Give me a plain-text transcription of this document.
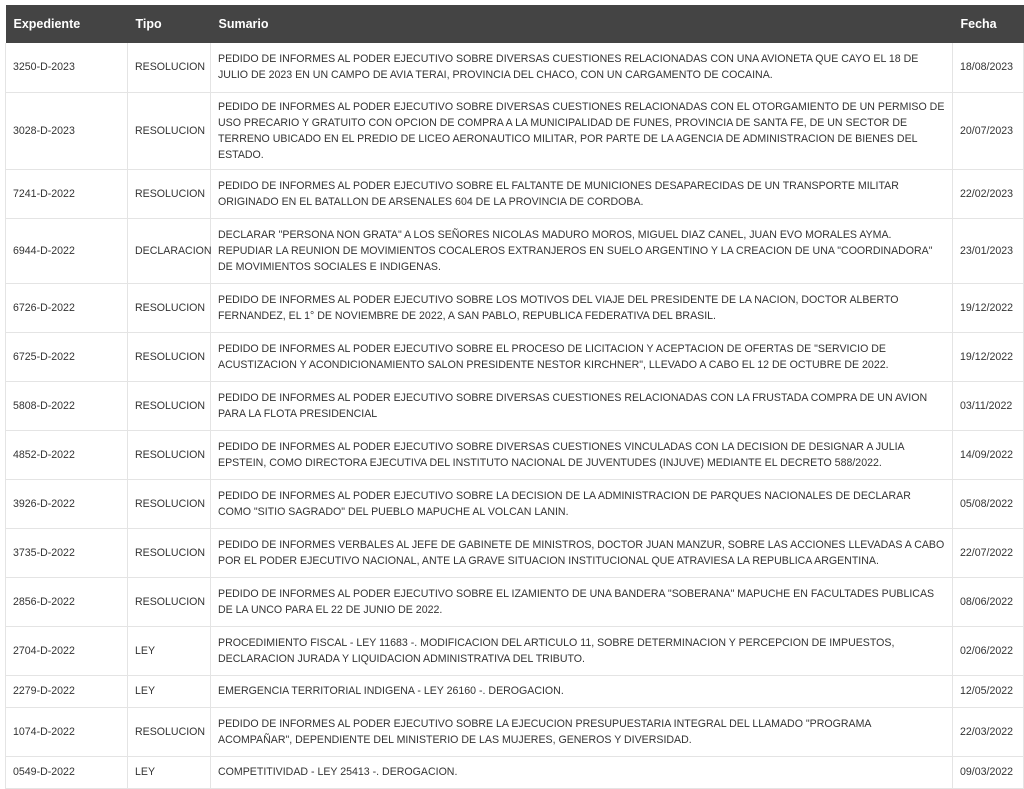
Expediente	Tipo	Sumario	Fecha
3250-D-2023	RESOLUCION	PEDIDO DE INFORMES AL PODER EJECUTIVO SOBRE DIVERSAS CUESTIONES RELACIONADAS CON UNA AVIONETA QUE CAYO EL 18 DE JULIO DE 2023 EN UN CAMPO DE AVIA TERAI, PROVINCIA DEL CHACO, CON UN CARGAMENTO DE COCAINA.	18/08/2023
3028-D-2023	RESOLUCION	PEDIDO DE INFORMES AL PODER EJECUTIVO SOBRE DIVERSAS CUESTIONES RELACIONADAS CON EL OTORGAMIENTO DE UN PERMISO DE USO PRECARIO Y GRATUITO CON OPCION DE COMPRA A LA MUNICIPALIDAD DE FUNES, PROVINCIA DE SANTA FE, DE UN SECTOR DE TERRENO UBICADO EN EL PREDIO DE LICEO AERONAUTICO MILITAR, POR PARTE DE LA AGENCIA DE ADMINISTRACION DE BIENES DEL ESTADO.	20/07/2023
7241-D-2022	RESOLUCION	PEDIDO DE INFORMES AL PODER EJECUTIVO SOBRE EL FALTANTE DE MUNICIONES DESAPARECIDAS DE UN TRANSPORTE MILITAR ORIGINADO EN EL BATALLON DE ARSENALES 604 DE LA PROVINCIA DE CORDOBA.	22/02/2023
6944-D-2022	DECLARACION	DECLARAR "PERSONA NON GRATA" A LOS SEÑORES NICOLAS MADURO MOROS, MIGUEL DIAZ CANEL, JUAN EVO MORALES AYMA. REPUDIAR LA REUNION DE MOVIMIENTOS COCALEROS EXTRANJEROS EN SUELO ARGENTINO Y LA CREACION DE UNA "COORDINADORA" DE MOVIMIENTOS SOCIALES E INDIGENAS.	23/01/2023
6726-D-2022	RESOLUCION	PEDIDO DE INFORMES AL PODER EJECUTIVO SOBRE LOS MOTIVOS DEL VIAJE DEL PRESIDENTE DE LA NACION, DOCTOR ALBERTO FERNANDEZ, EL 1° DE NOVIEMBRE DE 2022, A SAN PABLO, REPUBLICA FEDERATIVA DEL BRASIL.	19/12/2022
6725-D-2022	RESOLUCION	PEDIDO DE INFORMES AL PODER EJECUTIVO SOBRE EL PROCESO DE LICITACION Y ACEPTACION DE OFERTAS DE "SERVICIO DE ACUSTIZACION Y ACONDICIONAMIENTO SALON PRESIDENTE NESTOR KIRCHNER", LLEVADO A CABO EL 12 DE OCTUBRE DE 2022.	19/12/2022
5808-D-2022	RESOLUCION	PEDIDO DE INFORMES AL PODER EJECUTIVO SOBRE DIVERSAS CUESTIONES RELACIONADAS CON LA FRUSTADA COMPRA DE UN AVION PARA LA FLOTA PRESIDENCIAL	03/11/2022
4852-D-2022	RESOLUCION	PEDIDO DE INFORMES AL PODER EJECUTIVO SOBRE DIVERSAS CUESTIONES VINCULADAS CON LA DECISION DE DESIGNAR A JULIA EPSTEIN, COMO DIRECTORA EJECUTIVA DEL INSTITUTO NACIONAL DE JUVENTUDES (INJUVE) MEDIANTE EL DECRETO 588/2022.	14/09/2022
3926-D-2022	RESOLUCION	PEDIDO DE INFORMES AL PODER EJECUTIVO SOBRE LA DECISION DE LA ADMINISTRACION DE PARQUES NACIONALES DE DECLARAR COMO "SITIO SAGRADO" DEL PUEBLO MAPUCHE AL VOLCAN LANIN.	05/08/2022
3735-D-2022	RESOLUCION	PEDIDO DE INFORMES VERBALES AL JEFE DE GABINETE DE MINISTROS, DOCTOR JUAN MANZUR, SOBRE LAS ACCIONES LLEVADAS A CABO POR EL PODER EJECUTIVO NACIONAL, ANTE LA GRAVE SITUACION INSTITUCIONAL QUE ATRAVIESA LA REPUBLICA ARGENTINA.	22/07/2022
2856-D-2022	RESOLUCION	PEDIDO DE INFORMES AL PODER EJECUTIVO SOBRE EL IZAMIENTO DE UNA BANDERA "SOBERANA" MAPUCHE EN FACULTADES PUBLICAS DE LA UNCO PARA EL 22 DE JUNIO DE 2022.	08/06/2022
2704-D-2022	LEY	PROCEDIMIENTO FISCAL - LEY 11683 -. MODIFICACION DEL ARTICULO 11, SOBRE DETERMINACION Y PERCEPCION DE IMPUESTOS, DECLARACION JURADA Y LIQUIDACION ADMINISTRATIVA DEL TRIBUTO.	02/06/2022
2279-D-2022	LEY	EMERGENCIA TERRITORIAL INDIGENA - LEY 26160 -. DEROGACION.	12/05/2022
1074-D-2022	RESOLUCION	PEDIDO DE INFORMES AL PODER EJECUTIVO SOBRE LA EJECUCION PRESUPUESTARIA INTEGRAL DEL LLAMADO "PROGRAMA ACOMPAÑAR", DEPENDIENTE DEL MINISTERIO DE LAS MUJERES, GENEROS Y DIVERSIDAD.	22/03/2022
0549-D-2022	LEY	COMPETITIVIDAD - LEY 25413 -. DEROGACION.	09/03/2022
